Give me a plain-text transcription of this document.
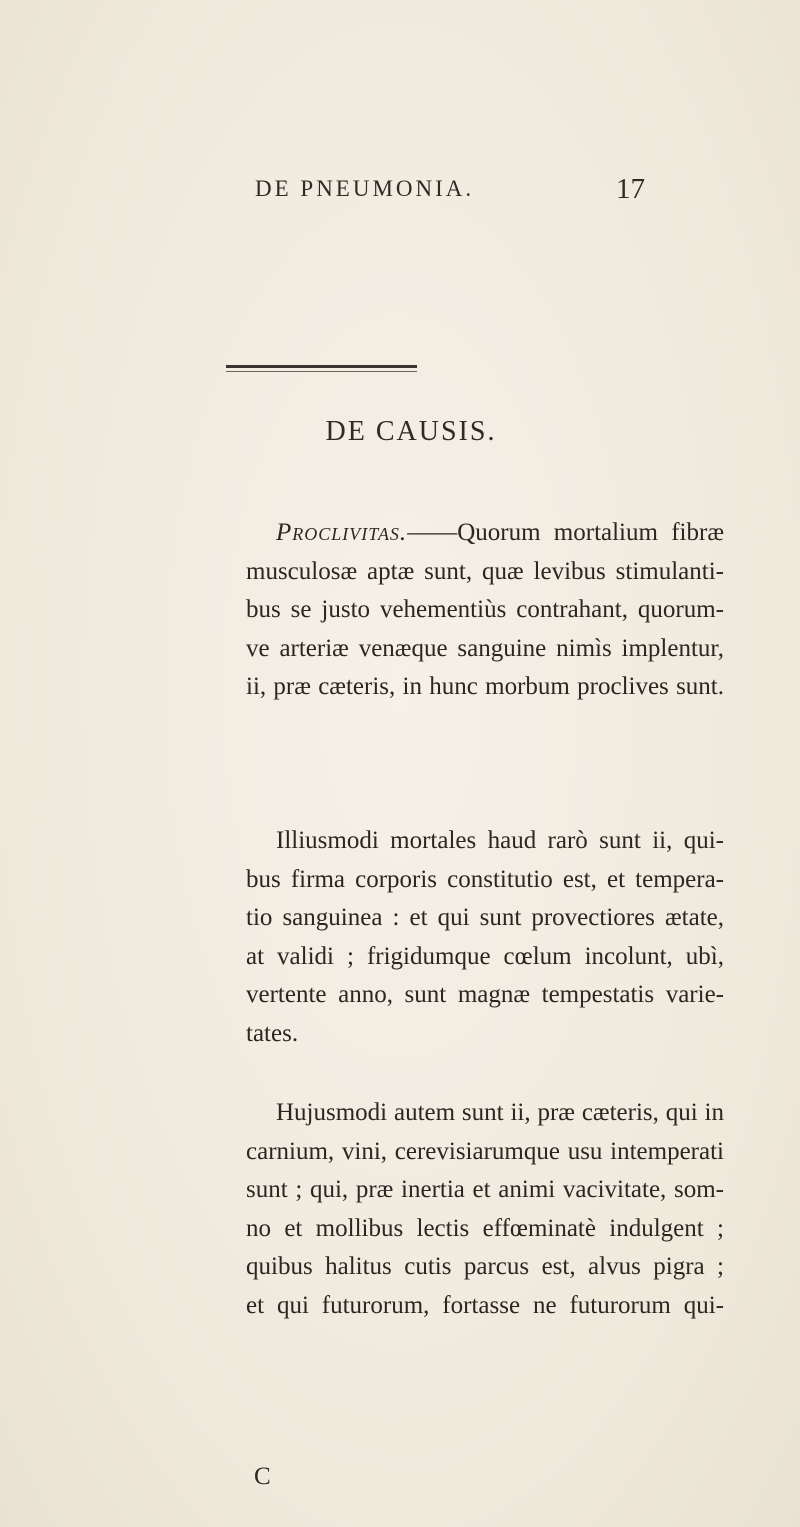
DE PNEUMONIA.	17
DE CAUSIS.
Proclivitas.——Quorum mortalium fibræ
musculosæ aptæ sunt, quæ levibus stimulanti-
bus se justo vehementiùs contrahant, quorum-
ve arteriæ venæque sanguine nimìs implentur,
ii, præ cæteris, in hunc morbum proclives sunt.
Illiusmodi mortales haud rarò sunt ii, qui-
bus firma corporis constitutio est, et tempera-
tio sanguinea : et qui sunt provectiores ætate,
at validi ; frigidumque cœlum incolunt, ubì,
vertente anno, sunt magnæ tempestatis varie-
tates.
Hujusmodi autem sunt ii, præ cæteris, qui in
carnium, vini, cerevisiarumque usu intemperati
sunt ; qui, præ inertia et animi vacivitate, som-
no et mollibus lectis effœminatè indulgent ;
quibus halitus cutis parcus est, alvus pigra ;
et qui futurorum, fortasse ne futurorum qui-
C
